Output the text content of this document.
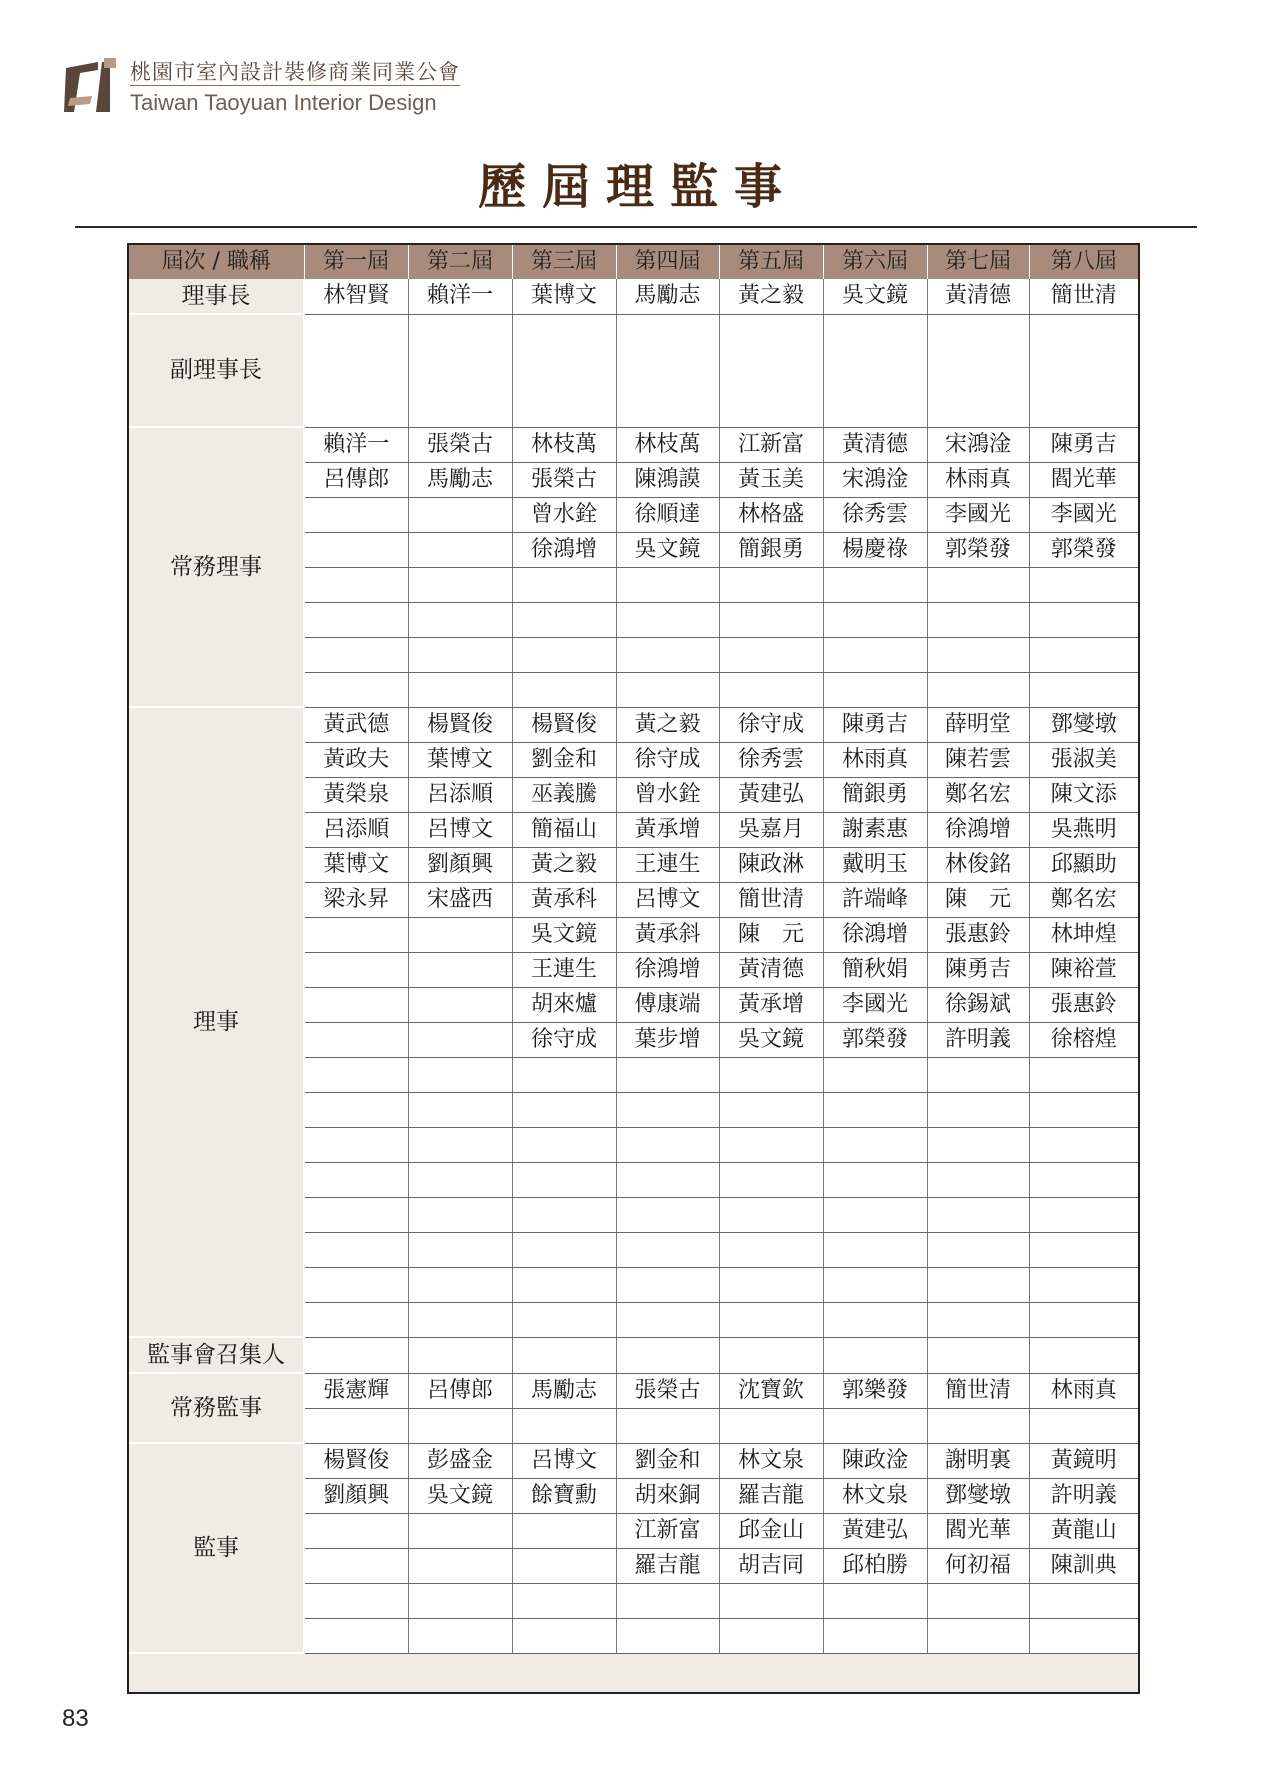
桃園市室內設計裝修商業同業公會
Taiwan Taoyuan Interior Design
歷屆理監事
屆次 / 職稱	第一屆	第二屆	第三屆	第四屆	第五屆	第六屆	第七屆	第八屆
理事長	林智賢	賴洋一	葉博文	馬勵志	黃之毅	吳文鏡	黃清德	簡世清
副理事長								
常務理事	賴洋一	張榮古	林枝萬	林枝萬	江新富	黃清德	宋鴻淦	陳勇吉
	呂傳郎	馬勵志	張榮古	陳鴻謨	黃玉美	宋鴻淦	林雨真	閻光華
			曾水銓	徐順達	林格盛	徐秀雲	李國光	李國光
			徐鴻增	吳文鏡	簡銀勇	楊慶祿	郭榮發	郭榮發

理事	黃武德	楊賢俊	楊賢俊	黃之毅	徐守成	陳勇吉	薛明堂	鄧燮墩
	黃政夫	葉博文	劉金和	徐守成	徐秀雲	林雨真	陳若雲	張淑美
	黃榮泉	呂添順	巫義騰	曾水銓	黃建弘	簡銀勇	鄭名宏	陳文添
	呂添順	呂博文	簡福山	黃承增	吳嘉月	謝素惠	徐鴻增	吳燕明
	葉博文	劉顏興	黃之毅	王連生	陳政淋	戴明玉	林俊銘	邱顯助
	梁永昇	宋盛西	黃承科	呂博文	簡世清	許端峰	陳　元	鄭名宏
			吳文鏡	黃承斜	陳　元	徐鴻增	張惠鈴	林坤煌
			王連生	徐鴻增	黃清德	簡秋娟	陳勇吉	陳裕萱
			胡來爐	傅康端	黃承增	李國光	徐錫斌	張惠鈴
			徐守成	葉步增	吳文鏡	郭榮發	許明義	徐榕煌

監事會召集人								
常務監事	張憲輝	呂傳郎	馬勵志	張榮古	沈寶欽	郭樂發	簡世清	林雨真

監事	楊賢俊	彭盛金	呂博文	劉金和	林文泉	陳政淦	謝明裏	黃鏡明
	劉顏興	吳文鏡	餘寶勳	胡來銅	羅吉龍	林文泉	鄧燮墩	許明義
				江新富	邱金山	黃建弘	閻光華	黃龍山
				羅吉龍	胡吉同	邱柏勝	何初福	陳訓典

83
